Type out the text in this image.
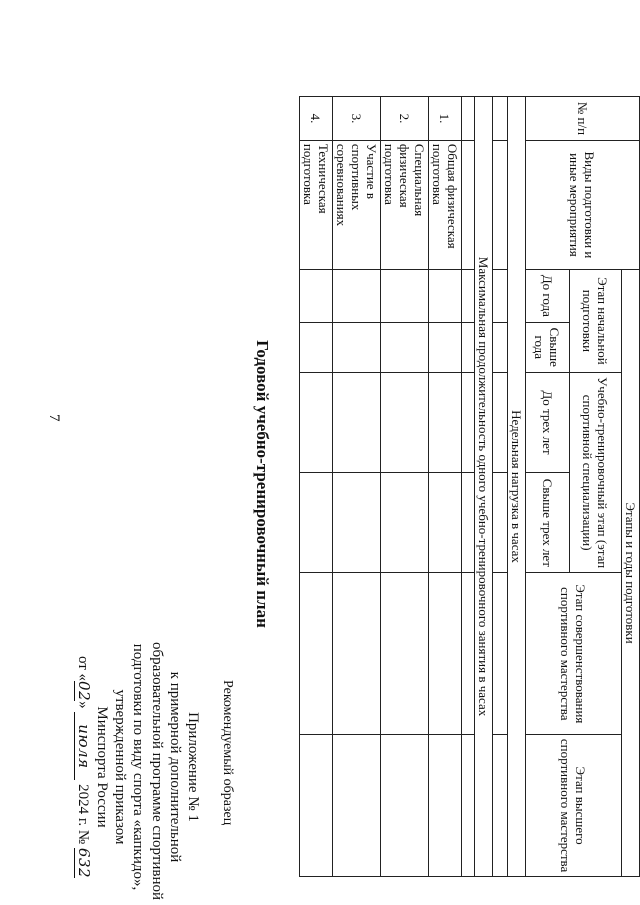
7
Приложение № 1
к примерной дополнительной
образовательной программе спортивной
подготовки по виду спорта «капкидо»,
утвержденной приказом
Минспорта России
от «02» июля 2024 г. № 632
Рекомендуемый образец
Годовой учебно-тренировочный план
№ п/п	Виды подготовки и иные мероприятия	Этапы и годы подготовки					
		Этап начальной подготовки		Учебно-тренировочный этап (этап спортивной специализации)		Этап совершенствования спортивного мастерства	Этап высшего спортивного мастерства
		До года	Свыше года	До трех лет	Свыше трех лет		
Недельная нагрузка в часах							

Максимальная продолжительность одного учебно-тренировочного занятия в часах							

1.	Общая физическая подготовка						
2.	Специальная физическая подготовка						
3.	Участие в спортивных соревнованиях						
4.	Техническая подготовка						
